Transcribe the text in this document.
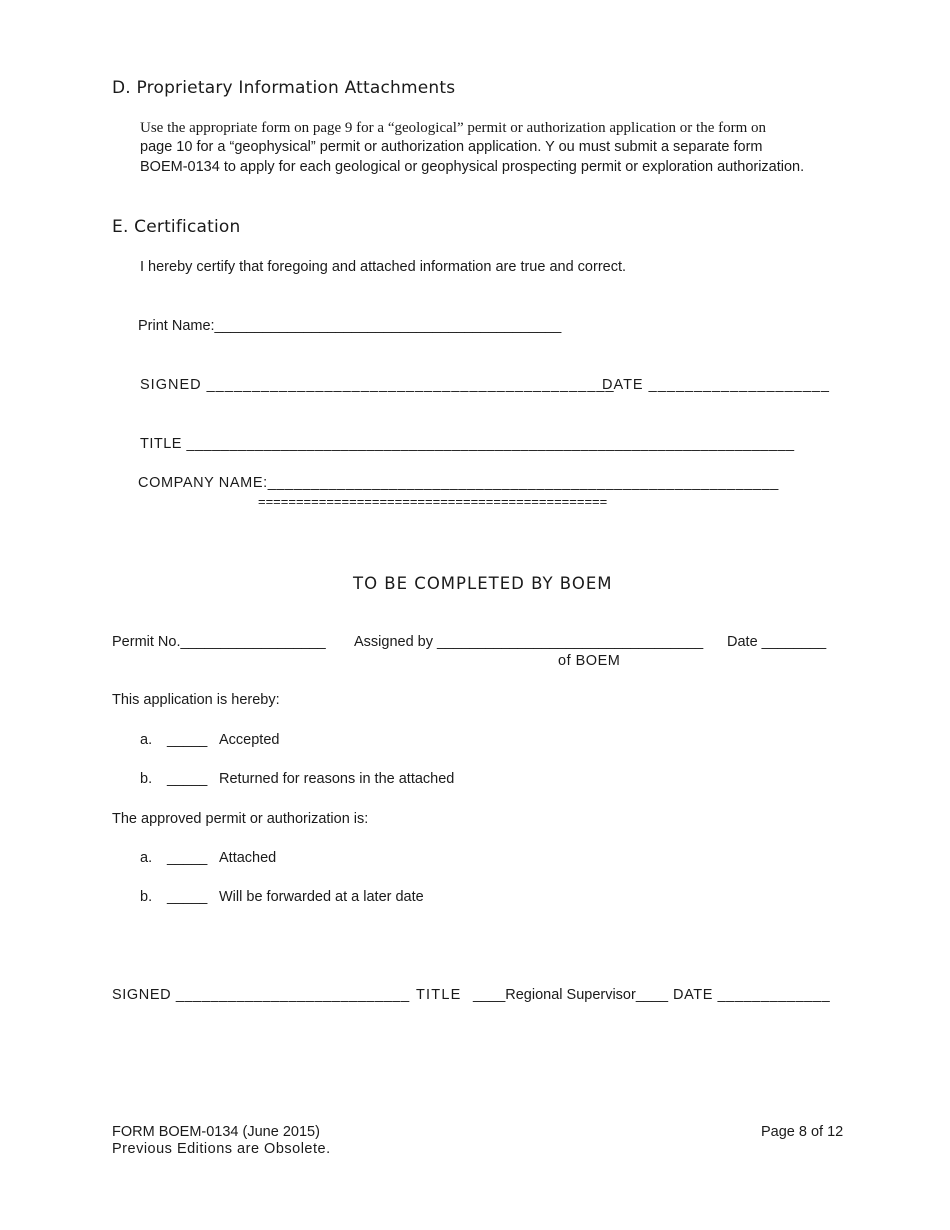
D. Proprietary Information Attachments
Use the appropriate form on page 9 for a “geological” permit or authorization application or the form on
page 10 for a “geophysical” permit or authorization application. Y ou must submit a separate form
BOEM-0134 to apply for each geological or geophysical prospecting permit or exploration authorization.
E. Certification
I hereby certify that foregoing and attached information are true and correct.
Print Name:___________________________________________
SIGNED _____________________________________________
DATE ____________________
TITLE _______________________________________________________________________
COMPANY NAME:___________________________________________________________
==============================================
TO BE COMPLETED BY BOEM
Permit No.__________________ Assigned by _________________________________ Date ________
of BOEM
This application is hereby:
a. _____ Accepted
b. _____ Returned for reasons in the attached
The approved permit or authorization is:
a. _____ Attached
b. _____ Will be forwarded at a later date
SIGNED ___________________________ TITLE ____Regional Supervisor____ DATE _____________
FORM BOEM-0134 (June 2015)
Previous Editions are Obsolete.
Page 8 of 12
